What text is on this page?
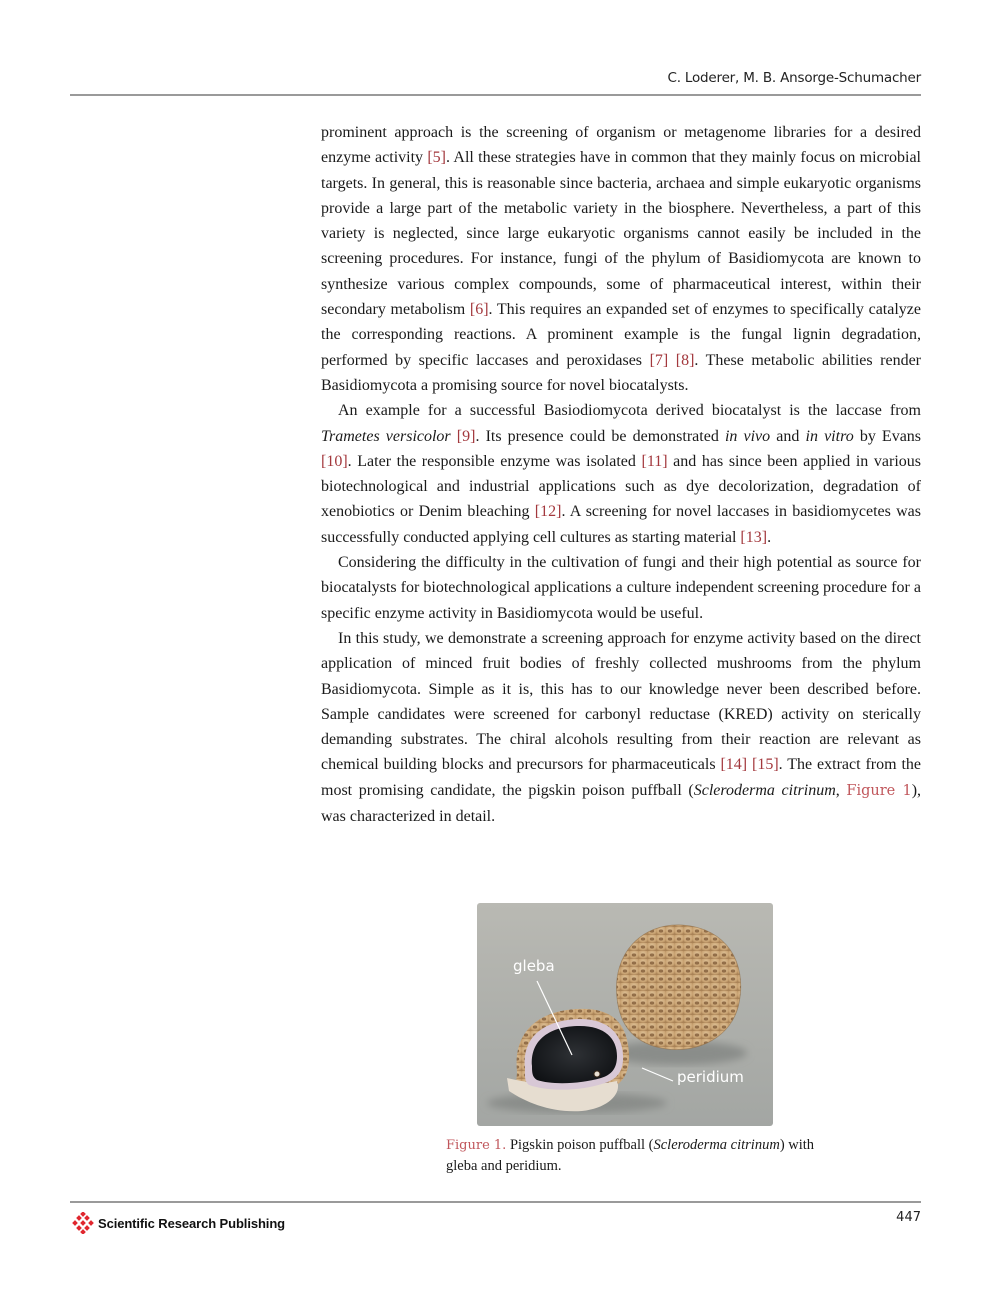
C. Loderer, M. B. Ansorge-Schumacher

prominent approach is the screening of organism or metagenome libraries for a desired enzyme activity [5]. All these strategies have in common that they mainly focus on microbial targets. In general, this is reasonable since bacteria, archaea and simple eukaryotic organisms provide a large part of the metabolic variety in the biosphere. Nevertheless, a part of this variety is neglected, since large eukaryotic organisms cannot easily be included in the screening procedures. For instance, fungi of the phylum of Basidiomycota are known to synthesize various complex compounds, some of pharmaceutical interest, within their secondary metabolism [6]. This requires an expanded set of enzymes to specifically catalyze the corresponding reactions. A prominent example is the fungal lignin degradation, performed by specific laccases and peroxidases [7] [8]. These metabolic abilities render Basidiomycota a promising source for novel biocatalysts.

An example for a successful Basiodiomycota derived biocatalyst is the laccase from Trametes versicolor [9]. Its presence could be demonstrated in vivo and in vitro by Evans [10]. Later the responsible enzyme was isolated [11] and has since been applied in various biotechnological and industrial applications such as dye decolorization, degradation of xenobiotics or Denim bleaching [12]. A screening for novel laccases in basidiomycetes was successfully conducted applying cell cultures as starting material [13].

Considering the difficulty in the cultivation of fungi and their high potential as source for biocatalysts for biotechnological applications a culture independent screening procedure for a specific enzyme activity in Basidiomycota would be useful.

In this study, we demonstrate a screening approach for enzyme activity based on the direct application of minced fruit bodies of freshly collected mushrooms from the phylum Basidiomycota. Simple as it is, this has to our knowledge never been described before. Sample candidates were screened for carbonyl reductase (KRED) activity on sterically demanding substrates. The chiral alcohols resulting from their reaction are relevant as chemical building blocks and precursors for pharmaceuticals [14] [15]. The extract from the most promising candidate, the pigskin poison puffball (Scleroderma citrinum, Figure 1), was characterized in detail.

gleba
peridium
Figure 1. Pigskin poison puffball (Scleroderma citrinum) with gleba and peridium.
Scientific Research Publishing	447
